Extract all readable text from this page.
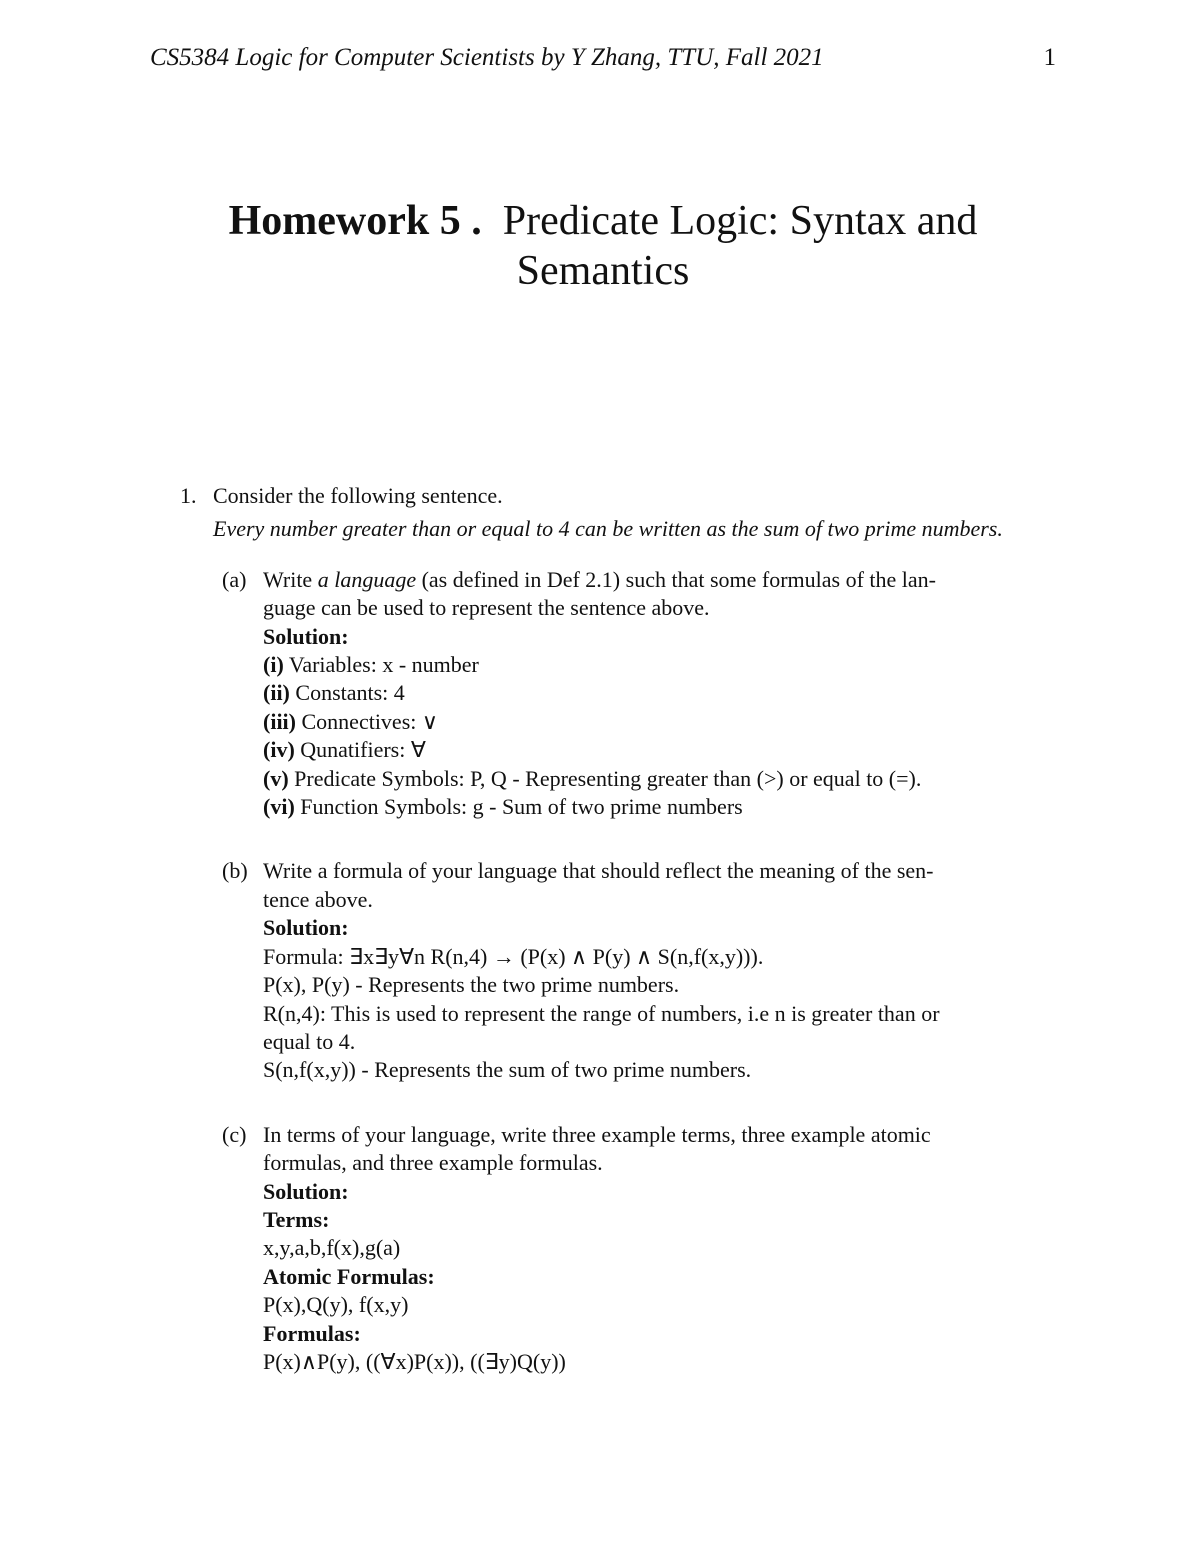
CS5384 Logic for Computer Scientists by Y Zhang, TTU, Fall 2021	1
Homework 5 . Predicate Logic: Syntax and
Semantics
1. Consider the following sentence.
Every number greater than or equal to 4 can be written as the sum of two prime numbers.
(a) Write a language (as defined in Def 2.1) such that some formulas of the lan-
guage can be used to represent the sentence above.
Solution:
(i) Variables: x - number
(ii) Constants: 4
(iii) Connectives: ∨
(iv) Qunatifiers: ∀
(v) Predicate Symbols: P, Q - Representing greater than (>) or equal to (=).
(vi) Function Symbols: g - Sum of two prime numbers
(b) Write a formula of your language that should reflect the meaning of the sen-
tence above.
Solution:
Formula: ∃x∃y∀n R(n,4) → (P(x) ∧ P(y) ∧ S(n,f(x,y))).
P(x), P(y) - Represents the two prime numbers.
R(n,4): This is used to represent the range of numbers, i.e n is greater than or
equal to 4.
S(n,f(x,y)) - Represents the sum of two prime numbers.
(c) In terms of your language, write three example terms, three example atomic
formulas, and three example formulas.
Solution:
Terms:
x,y,a,b,f(x),g(a)
Atomic Formulas:
P(x),Q(y), f(x,y)
Formulas:
P(x)∧P(y), ((∀x)P(x)), ((∃y)Q(y))
